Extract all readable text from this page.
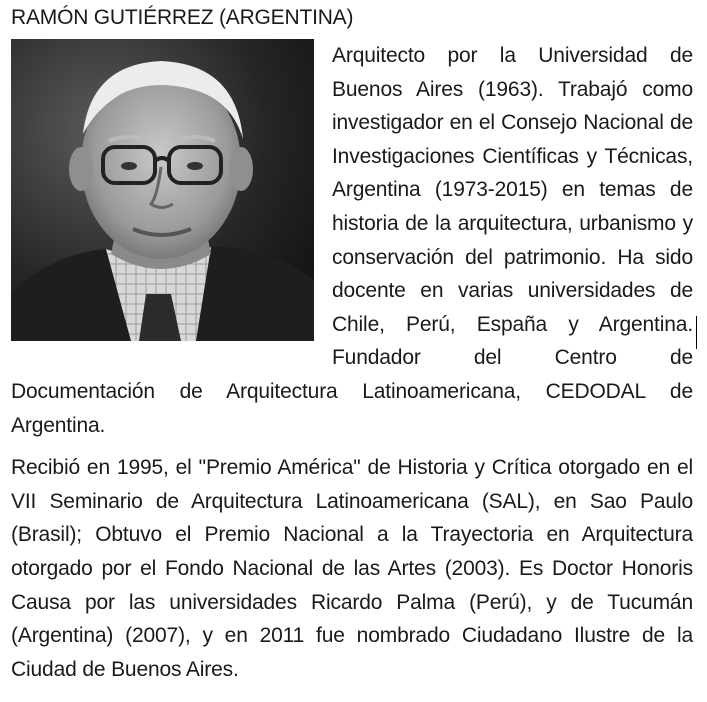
RAMÓN GUTIÉRREZ (ARGENTINA)

Arquitecto por la Universidad de Buenos Aires (1963). Trabajó como investigador en el Consejo Nacional de Investigaciones Científicas y Técnicas, Argentina (1973-2015) en temas de historia de la arquitectura, urbanismo y conservación del patrimonio. Ha sido docente en varias universidades de Chile, Perú, España y Argentina. Fundador del Centro de Documentación de Arquitectura Latinoamericana, CEDODAL de Argentina.

Recibió en 1995, el "Premio América" de Historia y Crítica otorgado en el VII Seminario de Arquitectura Latinoamericana (SAL), en Sao Paulo (Brasil); Obtuvo el Premio Nacional a la Trayectoria en Arquitectura otorgado por el Fondo Nacional de las Artes (2003). Es Doctor Honoris Causa por las universidades Ricardo Palma (Perú), y de Tucumán (Argentina) (2007), y en 2011 fue nombrado Ciudadano Ilustre de la Ciudad de Buenos Aires.
